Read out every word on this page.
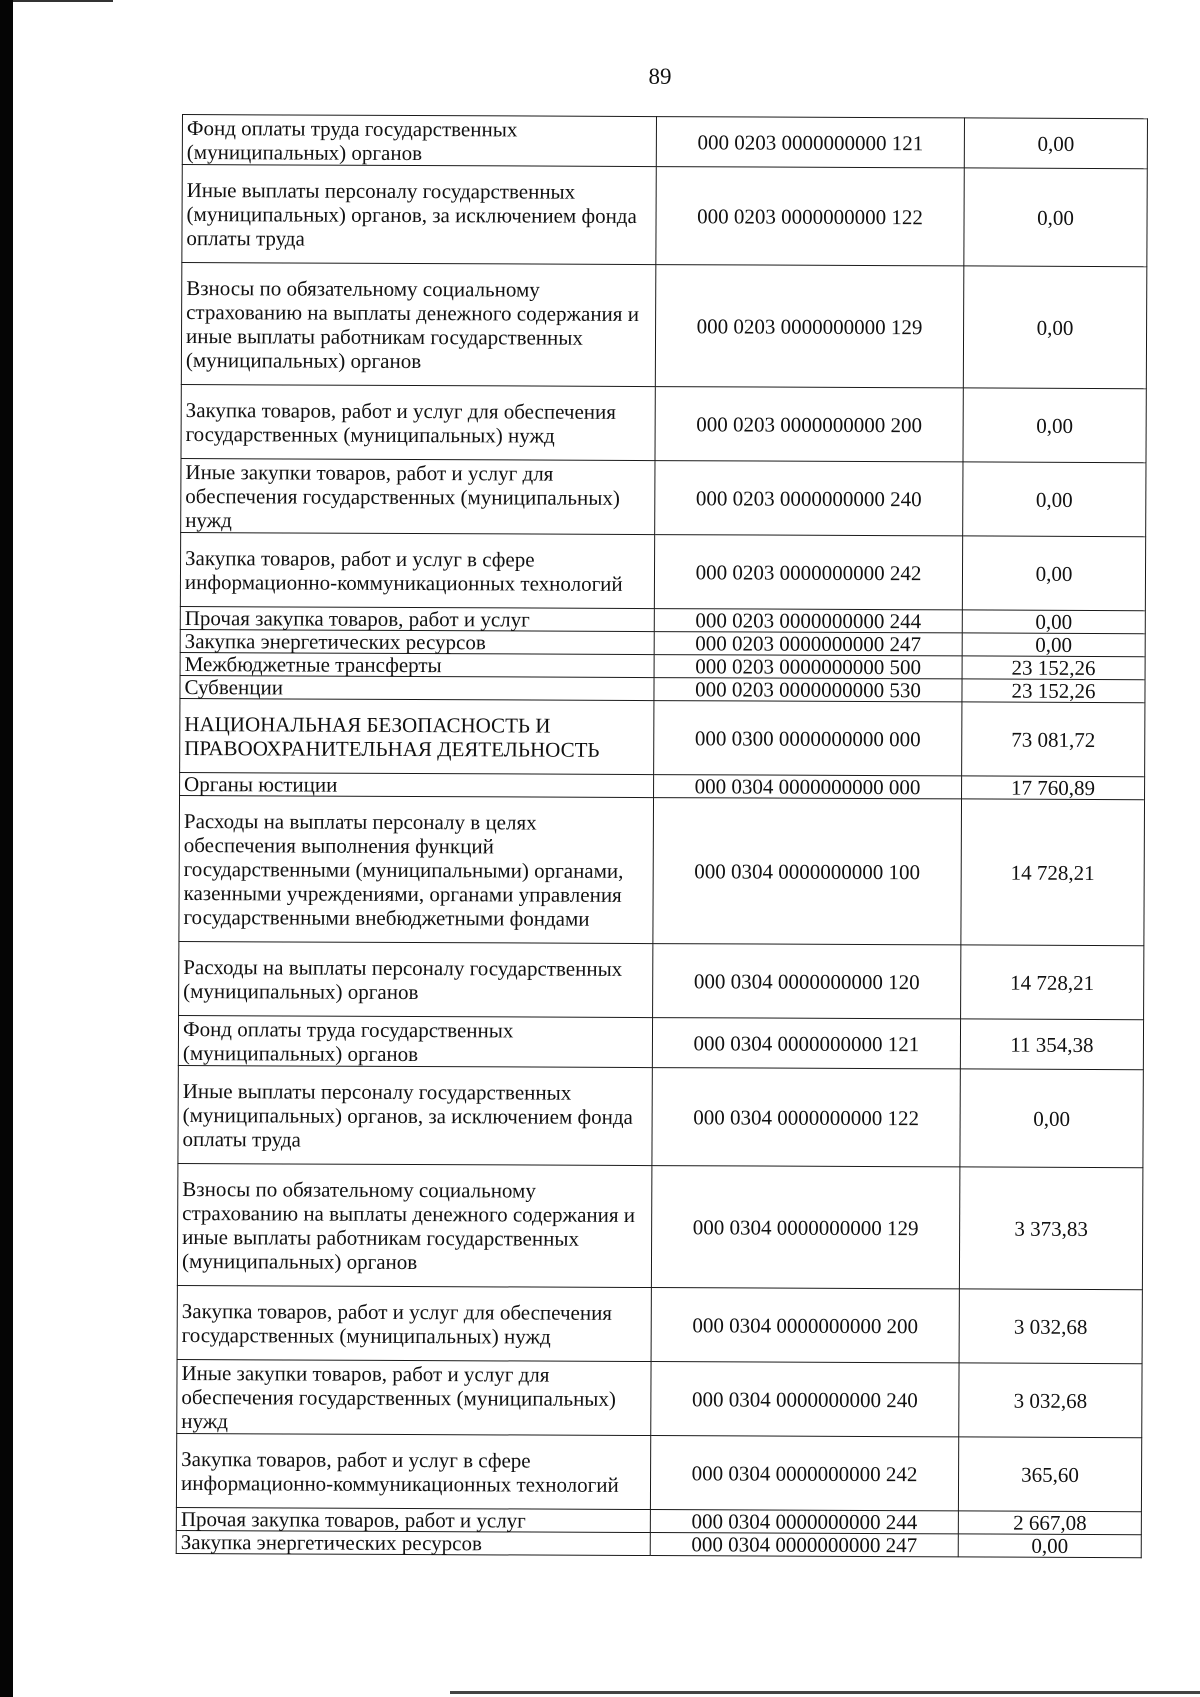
89
Фонд оплаты труда государственных (муниципальных) органов	000 0203 0000000000 121	0,00
Иные выплаты персоналу государственных (муниципальных) органов, за исключением фонда оплаты труда	000 0203 0000000000 122	0,00
Взносы по обязательному социальному страхованию на выплаты денежного содержания и иные выплаты работникам государственных (муниципальных) органов	000 0203 0000000000 129	0,00
Закупка товаров, работ и услуг для обеспечения государственных (муниципальных) нужд	000 0203 0000000000 200	0,00
Иные закупки товаров, работ и услуг для обеспечения государственных (муниципальных) нужд	000 0203 0000000000 240	0,00
Закупка товаров, работ и услуг в сфере информационно-коммуникационных технологий	000 0203 0000000000 242	0,00
Прочая закупка товаров, работ и услуг	000 0203 0000000000 244	0,00
Закупка энергетических ресурсов	000 0203 0000000000 247	0,00
Межбюджетные трансферты	000 0203 0000000000 500	23 152,26
Субвенции	000 0203 0000000000 530	23 152,26
НАЦИОНАЛЬНАЯ БЕЗОПАСНОСТЬ И ПРАВООХРАНИТЕЛЬНАЯ ДЕЯТЕЛЬНОСТЬ	000 0300 0000000000 000	73 081,72
Органы юстиции	000 0304 0000000000 000	17 760,89
Расходы на выплаты персоналу в целях обеспечения выполнения функций государственными (муниципальными) органами, казенными учреждениями, органами управления государственными внебюджетными фондами	000 0304 0000000000 100	14 728,21
Расходы на выплаты персоналу государственных (муниципальных) органов	000 0304 0000000000 120	14 728,21
Фонд оплаты труда государственных (муниципальных) органов	000 0304 0000000000 121	11 354,38
Иные выплаты персоналу государственных (муниципальных) органов, за исключением фонда оплаты труда	000 0304 0000000000 122	0,00
Взносы по обязательному социальному страхованию на выплаты денежного содержания и иные выплаты работникам государственных (муниципальных) органов	000 0304 0000000000 129	3 373,83
Закупка товаров, работ и услуг для обеспечения государственных (муниципальных) нужд	000 0304 0000000000 200	3 032,68
Иные закупки товаров, работ и услуг для обеспечения государственных (муниципальных) нужд	000 0304 0000000000 240	3 032,68
Закупка товаров, работ и услуг в сфере информационно-коммуникационных технологий	000 0304 0000000000 242	365,60
Прочая закупка товаров, работ и услуг	000 0304 0000000000 244	2 667,08
Закупка энергетических ресурсов	000 0304 0000000000 247	0,00
